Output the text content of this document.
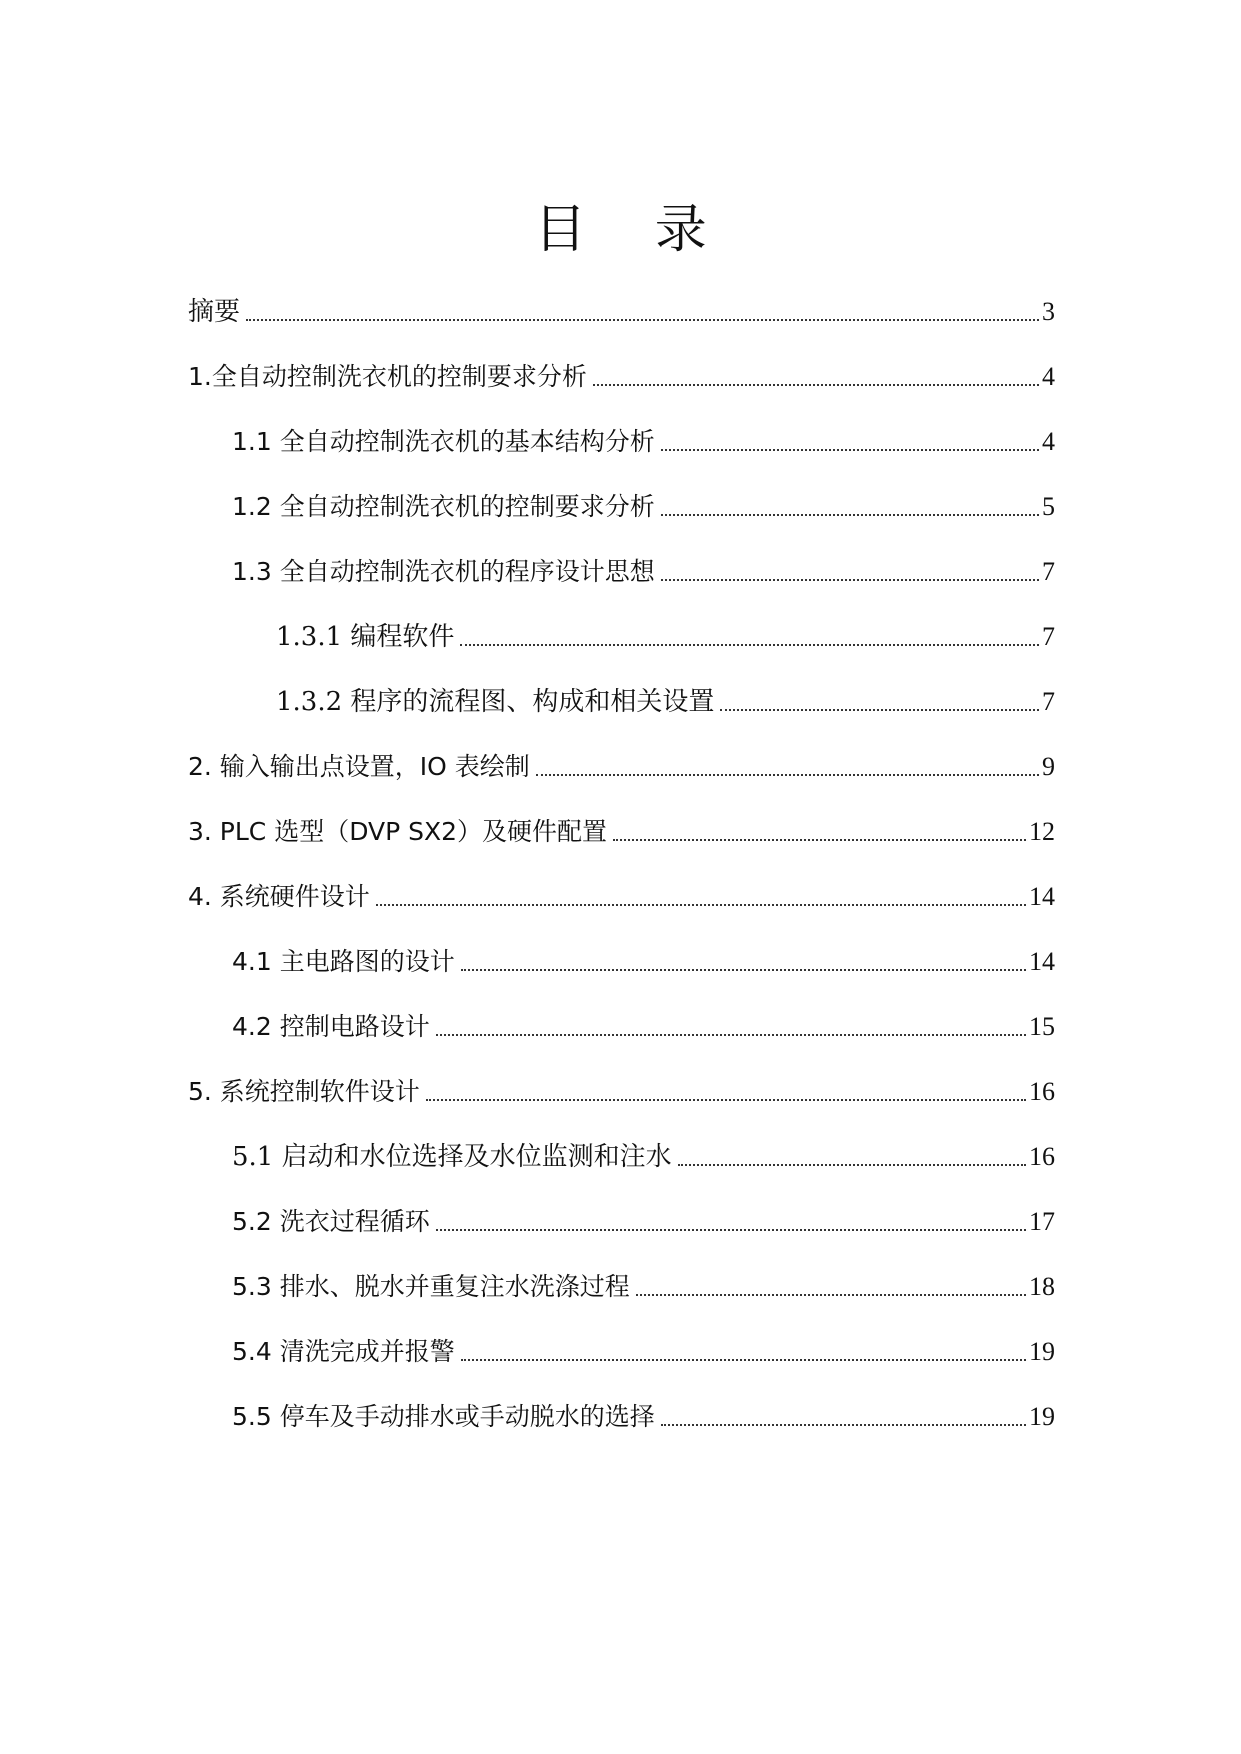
目 录
摘要	3
1.全自动控制洗衣机的控制要求分析	4
1.1 全自动控制洗衣机的基本结构分析	4
1.2 全自动控制洗衣机的控制要求分析	5
1.3 全自动控制洗衣机的程序设计思想	7
1.3.1 编程软件	7
1.3.2 程序的流程图、构成和相关设置	7
2. 输入输出点设置，IO 表绘制	9
3. PLC 选型（DVP SX2）及硬件配置	12
4. 系统硬件设计	14
4.1 主电路图的设计	14
4.2 控制电路设计	15
5. 系统控制软件设计	16
5.1 启动和水位选择及水位监测和注水	16
5.2 洗衣过程循环	17
5.3 排水、脱水并重复注水洗涤过程	18
5.4 清洗完成并报警	19
5.5 停车及手动排水或手动脱水的选择	19
